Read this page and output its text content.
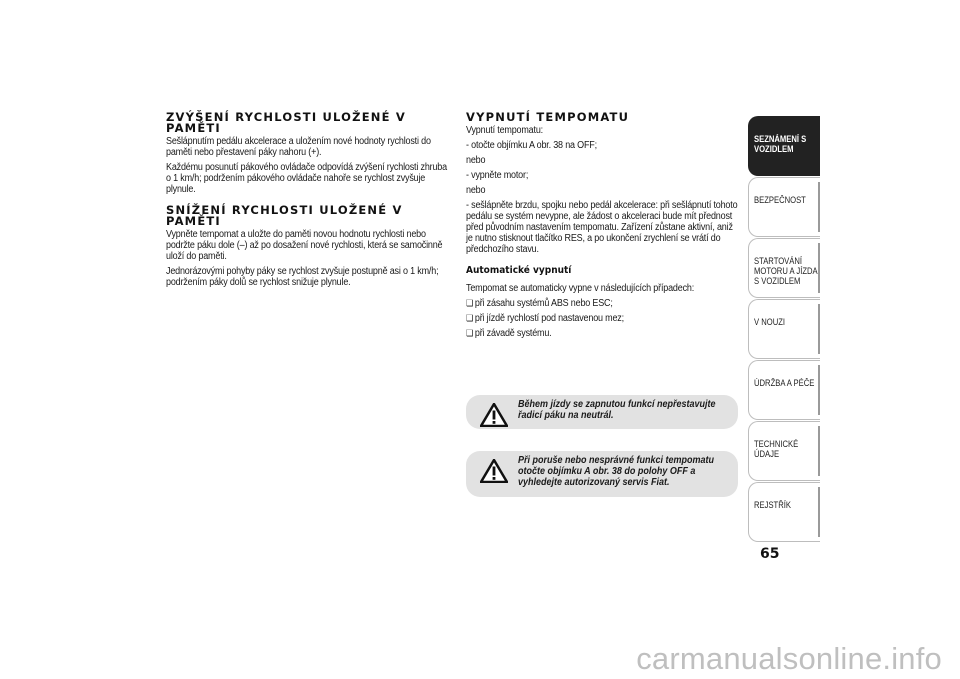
ZVÝŠENÍ RYCHLOSTI ULOŽENÉ V PAMĚTI

Sešlápnutím pedálu akcelerace a uložením nové hodnoty rychlosti do paměti nebo přestavení páky nahoru (+).

Každému posunutí pákového ovládače odpovídá zvýšení rychlosti zhruba o 1 km/h; podržením pákového ovládače nahoře se rychlost zvyšuje plynule.

SNÍŽENÍ RYCHLOSTI ULOŽENÉ V PAMĚTI

Vypněte tempomat a uložte do paměti novou hodnotu rychlosti nebo podržte páku dole (–) až po dosažení nové rychlosti, která se samočinně uloží do paměti.

Jednorázovými pohyby páky se rychlost zvyšuje postupně asi o 1 km/h; podržením páky dolů se rychlost snižuje plynule.

VYPNUTÍ TEMPOMATU

Vypnutí tempomatu:

- otočte objímku A obr. 38 na OFF;

nebo

- vypněte motor;

nebo

- sešlápněte brzdu, spojku nebo pedál akcelerace: při sešlápnutí tohoto pedálu se systém nevypne, ale žádost o akceleraci bude mít přednost před původním nastavením tempomatu. Zařízení zůstane aktivní, aniž je nutno stisknout tlačítko RES, a po ukončení zrychlení se vrátí do předchozího stavu.

Automatické vypnutí

Tempomat se automaticky vypne v následujících případech:

❏ při zásahu systémů ABS nebo ESC;

❏ při jízdě rychlostí pod nastavenou mez;

❏ při závadě systému.

Během jízdy se zapnutou funkcí nepřestavujte řadicí páku na neutrál.
Při poruše nebo nesprávné funkci tempomatu otočte objímku A obr. 38 do polohy OFF a vyhledejte autorizovaný servis Fiat.
SEZNÁMENÍ S VOZIDLEM
BEZPEČNOST
STARTOVÁNÍ MOTORU A JÍZDA S VOZIDLEM
V NOUZI
ÚDRŽBA A PÉČE
TECHNICKÉ ÚDAJE
REJSTŘÍK
65
carmanualsonline.info
